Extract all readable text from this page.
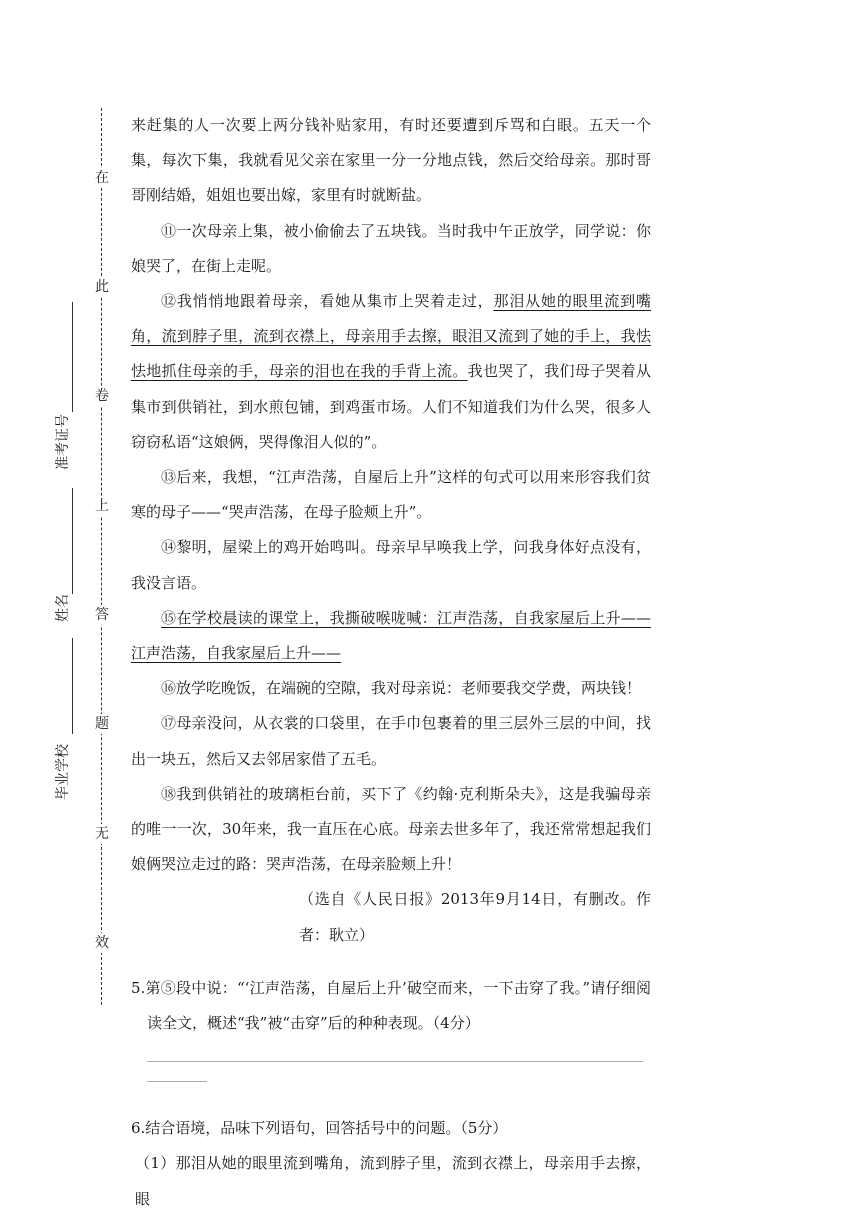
在
此
卷
上
答
题
无
效
准考证号
姓名
毕业学校

来赶集的人一次要上两分钱补贴家用，有时还要遭到斥骂和白眼。五天一个集，每次下集，我就看见父亲在家里一分一分地点钱，然后交给母亲。那时哥哥刚结婚，姐姐也要出嫁，家里有时就断盐。

⑪一次母亲上集，被小偷偷去了五块钱。当时我中午正放学，同学说：你娘哭了，在街上走呢。

⑫我悄悄地跟着母亲，看她从集市上哭着走过，那泪从她的眼里流到嘴角，流到脖子里，流到衣襟上，母亲用手去擦，眼泪又流到了她的手上，我怯怯地抓住母亲的手，母亲的泪也在我的手背上流。我也哭了，我们母子哭着从集市到供销社，到水煎包铺，到鸡蛋市场。人们不知道我们为什么哭，很多人窃窃私语“这娘俩，哭得像泪人似的”。

⑬后来，我想，“江声浩荡，自屋后上升”这样的句式可以用来形容我们贫寒的母子——“哭声浩荡，在母子脸颊上升”。

⑭黎明，屋梁上的鸡开始鸣叫。母亲早早唤我上学，问我身体好点没有，我没言语。

⑮在学校晨读的课堂上，我撕破喉咙喊：江声浩荡，自我家屋后上升——江声浩荡，自我家屋后上升——

⑯放学吃晚饭，在端碗的空隙，我对母亲说：老师要我交学费，两块钱！

⑰母亲没问，从衣裳的口袋里，在手巾包裹着的里三层外三层的中间，找出一块五，然后又去邻居家借了五毛。

⑱我到供销社的玻璃柜台前，买下了《约翰·克利斯朵夫》，这是我骗母亲的唯一一次，30年来，我一直压在心底。母亲去世多年了，我还常常想起我们娘俩哭泣走过的路：哭声浩荡，在母亲脸颊上升！

（选自《人民日报》2013年9月14日，有删改。作者：耿立）

5.第⑤段中说：“‘江声浩荡，自屋后上升’破空而来，一下击穿了我。”请仔细阅读全文，概述“我”被“击穿”后的种种表现。（4分）

6.结合语境，品味下列语句，回答括号中的问题。（5分）

（1）那泪从她的眼里流到嘴角，流到脖子里，流到衣襟上，母亲用手去擦，眼
